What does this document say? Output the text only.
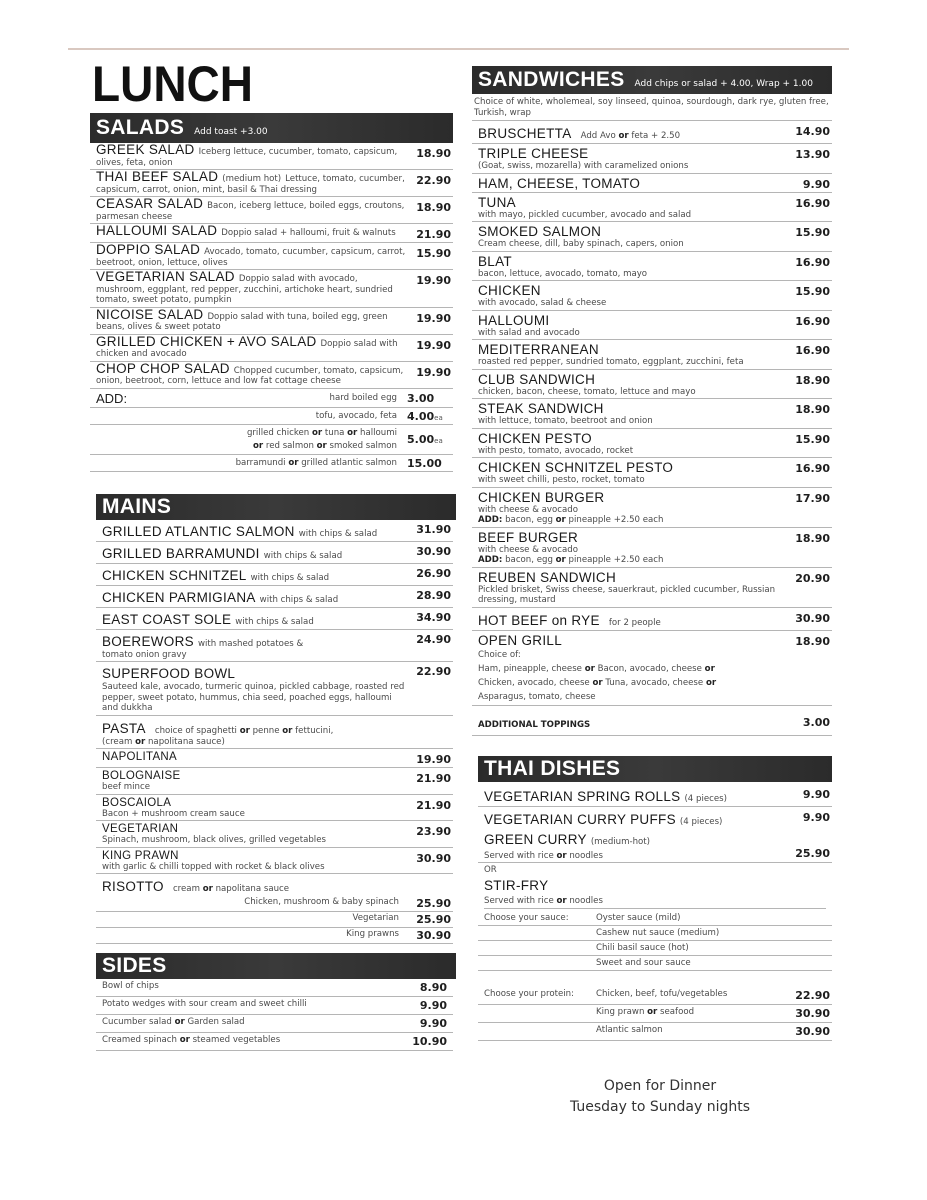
LUNCH
SALADS Add toast +3.00
GREEK SALAD Iceberg lettuce, cucumber, tomato, capsicum, olives, feta, onion
18.90
THAI BEEF SALAD (medium hot) Lettuce, tomato, cucumber, capsicum, carrot, onion, mint, basil & Thai dressing
22.90
CEASAR SALAD Bacon, iceberg lettuce, boiled eggs, croutons, parmesan cheese
18.90
HALLOUMI SALAD Doppio salad + halloumi, fruit & walnuts	21.90
DOPPIO SALAD Avocado, tomato, cucumber, capsicum, carrot, beetroot, onion, lettuce, olives
15.90
VEGETARIAN SALAD Doppio salad with avocado, mushroom, eggplant, red pepper, zucchini, artichoke heart, sundried tomato, sweet potato, pumpkin
19.90
NICOISE SALAD Doppio salad with tuna, boiled egg, green beans, olives & sweet potato
19.90
GRILLED CHICKEN + AVO SALAD Doppio salad with chicken and avocado
19.90
CHOP CHOP SALAD Chopped cucumber, tomato, capsicum, onion, beetroot, corn, lettuce and low fat cottage cheese
19.90
ADD:	hard boiled egg 3.00
tofu, avocado, feta 4.00ea
grilled chicken or tuna or halloumi
or red salmon or smoked salmon 5.00ea
barramundi or grilled atlantic salmon 15.00
MAINS
GRILLED ATLANTIC SALMON with chips & salad	31.90
GRILLED BARRAMUNDI with chips & salad	30.90
CHICKEN SCHNITZEL with chips & salad	26.90
CHICKEN PARMIGIANA with chips & salad	28.90
EAST COAST SOLE with chips & salad	34.90
BOEREWORS with mashed potatoes &
tomato onion gravy
24.90
SUPERFOOD BOWL
Sauteed kale, avocado, turmeric quinoa, pickled cabbage, roasted red pepper, sweet potato, hummus, chia seed, poached eggs, halloumi and dukkha
22.90
PASTA choice of spaghetti or penne or fettucini,
(cream or napolitana sauce)
NAPOLITANA	19.90
BOLOGNAISE
beef mince
21.90
BOSCAIOLA
Bacon + mushroom cream sauce
21.90
VEGETARIAN
Spinach, mushroom, black olives, grilled vegetables
23.90
KING PRAWN
with garlic & chilli topped with rocket & black olives
30.90
RISOTTO cream or napolitana sauce
Chicken, mushroom & baby spinach	25.90
Vegetarian	25.90
King prawns	30.90
SIDES
Bowl of chips	8.90
Potato wedges with sour cream and sweet chilli	9.90
Cucumber salad or Garden salad	9.90
Creamed spinach or steamed vegetables	10.90
SANDWICHES Add chips or salad + 4.00, Wrap + 1.00
Choice of white, wholemeal, soy linseed, quinoa, sourdough, dark rye, gluten free, Turkish, wrap
BRUSCHETTA Add Avo or feta + 2.50	14.90
TRIPLE CHEESE
(Goat, swiss, mozarella) with caramelized onions
13.90
HAM, CHEESE, TOMATO	9.90
TUNA
with mayo, pickled cucumber, avocado and salad
16.90
SMOKED SALMON
Cream cheese, dill, baby spinach, capers, onion
15.90
BLAT
bacon, lettuce, avocado, tomato, mayo
16.90
CHICKEN
with avocado, salad & cheese
15.90
HALLOUMI
with salad and avocado
16.90
MEDITERRANEAN
roasted red pepper, sundried tomato, eggplant, zucchini, feta
16.90
CLUB SANDWICH
chicken, bacon, cheese, tomato, lettuce and mayo
18.90
STEAK SANDWICH
with lettuce, tomato, beetroot and onion
18.90
CHICKEN PESTO
with pesto, tomato, avocado, rocket
15.90
CHICKEN SCHNITZEL PESTO
with sweet chilli, pesto, rocket, tomato
16.90
CHICKEN BURGER
with cheese & avocado
ADD: bacon, egg or pineapple +2.50 each
17.90
BEEF BURGER
with cheese & avocado
ADD: bacon, egg or pineapple +2.50 each
18.90
REUBEN SANDWICH
Pickled brisket, Swiss cheese, sauerkraut, pickled cucumber, Russian dressing, mustard
20.90
HOT BEEF on RYE for 2 people	30.90
OPEN GRILL
Choice of:
Ham, pineapple, cheese or Bacon, avocado, cheese or
Chicken, avocado, cheese or Tuna, avocado, cheese or
Asparagus, tomato, cheese
18.90
ADDITIONAL TOPPINGS	3.00
THAI DISHES
VEGETARIAN SPRING ROLLS (4 pieces)	9.90
VEGETARIAN CURRY PUFFS (4 pieces)	9.90
GREEN CURRY (medium-hot)
Served with rice or noodles	25.90
OR
STIR-FRY
Served with rice or noodles
Choose your sauce:	Oyster sauce (mild)
Cashew nut sauce (medium)
Chili basil sauce (hot)
Sweet and sour sauce
Choose your protein:	Chicken, beef, tofu/vegetables	22.90
King prawn or seafood	30.90
Atlantic salmon	30.90
Open for Dinner
Tuesday to Sunday nights
